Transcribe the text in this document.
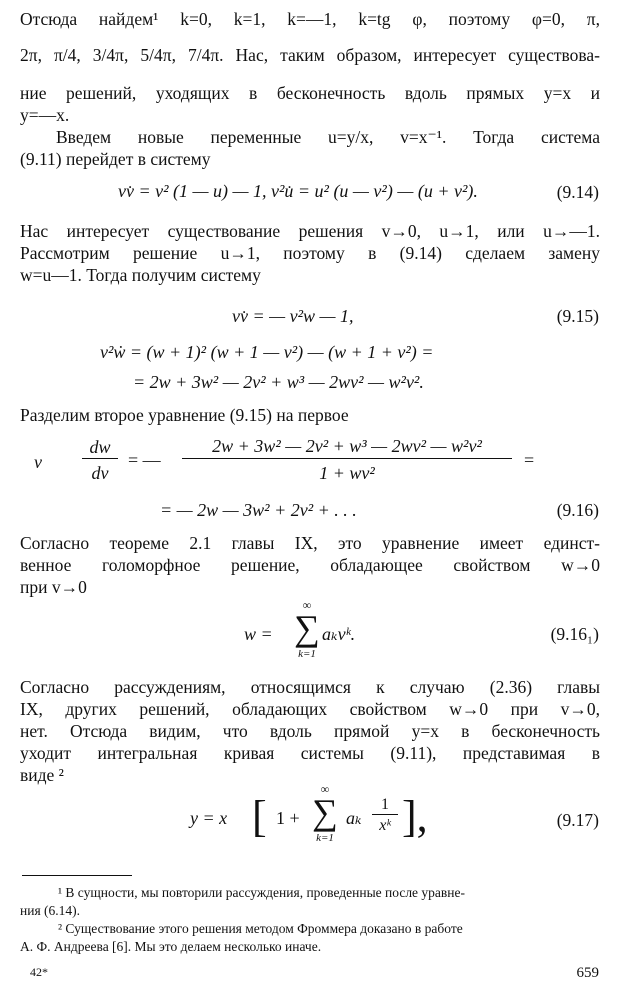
Отсюда найдем¹ k=0, k=1, k=—1, k=tg φ, поэтому φ=0, π,
2π, π/4, 3/4π, 5/4π, 7/4π. Нас, таким образом, интересует существова-
ние решений, уходящих в бесконечность вдоль прямых y=x и
y=—x.
Введем новые переменные u=y/x, v=x⁻¹. Тогда система
(9.11) перейдет в систему
vv̇ = v² (1 — u) — 1, v²u̇ = u² (u — v²) — (u + v²).	(9.14)
Нас интересует существование решения v→0, u→1, или u→—1.
Рассмотрим решение u→1, поэтому в (9.14) сделаем замену
w=u—1. Тогда получим систему
vv̇ = — v²w — 1,	(9.15)
v²ẇ = (w + 1)² (w + 1 — v²) — (w + 1 + v²) =
= 2w + 3w² — 2v² + w³ — 2wv² — w²v².
Разделим второе уравнение (9.15) на первое
v
dw
dv
= —
2w + 3w² — 2v² + w³ — 2wv² — w²v²
1 + wv²
=
= — 2w — 3w² + 2v² + . . .	(9.16)
Согласно теореме 2.1 главы IX, это уравнение имеет единст-
венное голоморфное решение, обладающее свойством w→0
при v→0
w =
∞
∑
k=1
aₖvᵏ.	(9.16₁)
Согласно рассуждениям, относящимся к случаю (2.36) главы
IX, других решений, обладающих свойством w→0 при v→0,
нет. Отсюда видим, что вдоль прямой y=x в бесконечность
уходит интегральная кривая системы (9.11), представимая в
виде ²
y = x [ 1 +
∞
∑
k=1
aₖ
1
xᵏ ],	(9.17)
¹ В сущности, мы повторили рассуждения, проведенные после уравне-
ния (6.14).
² Существование этого решения методом Фроммера доказано в работе
А. Ф. Андреева [6]. Мы это делаем несколько иначе.
42*	659
